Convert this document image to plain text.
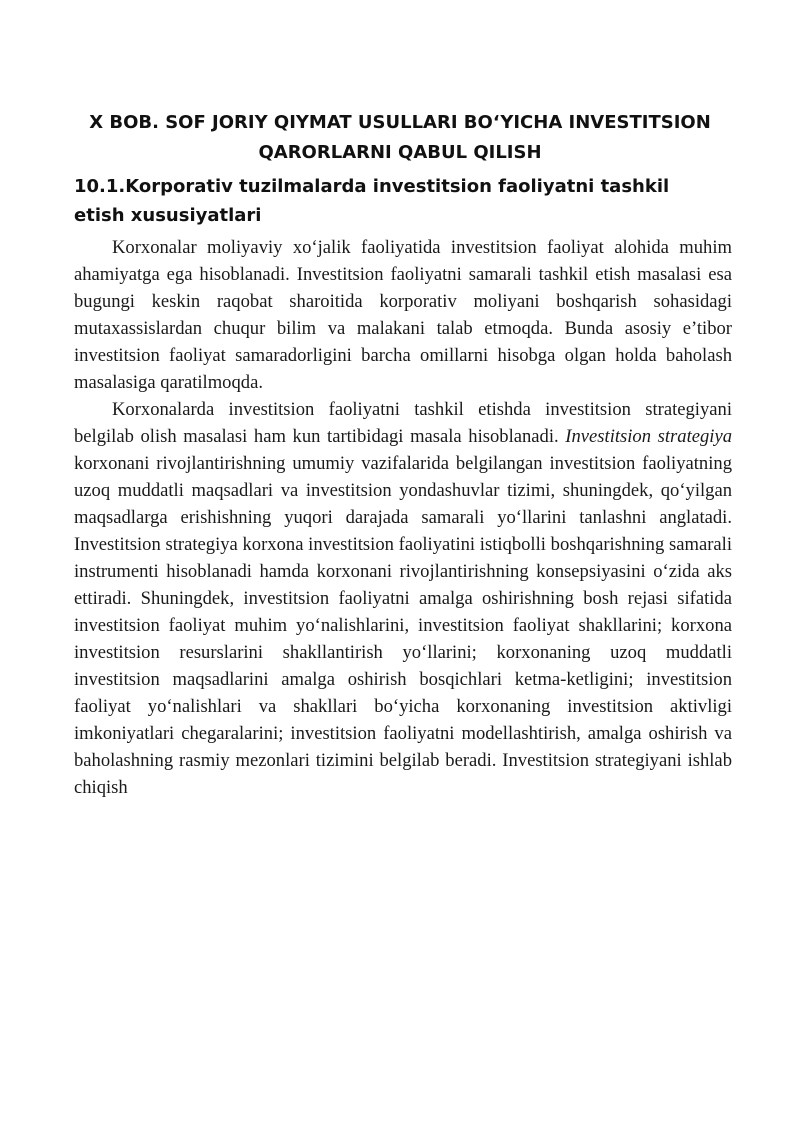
X BOB. SOF JORIY QIYMAT USULLARI BOʻYICHA INVESTITSION
QARORLARNI QABUL QILISH
10.1.Korporativ tuzilmalarda investitsion faoliyatni tashkil
etish xususiyatlari

Korxonalar moliyaviy xo‘jalik faoliyatida investitsion faoliyat alohida muhim ahamiyatga ega hisoblanadi. Investitsion faoliyatni samarali tashkil etish masalasi esa bugungi keskin raqobat sharoitida korporativ moliyani boshqarish sohasidagi mutaxassislardan chuqur bilim va malakani talab etmoqda. Bunda asosiy e’tibor investitsion faoliyat samaradorligini barcha omillarni hisobga olgan holda baholash masalasiga qaratilmoqda.

Korxonalarda investitsion faoliyatni tashkil etishda investitsion strategiyani belgilab olish masalasi ham kun tartibidagi masala hisoblanadi. Investitsion strategiya korxonani rivojlantirishning umumiy vazifalarida belgilangan investitsion faoliyatning uzoq muddatli maqsadlari va investitsion yondashuvlar tizimi, shuningdek, qo‘yilgan maqsadlarga erishishning yuqori darajada samarali yo‘llarini tanlashni anglatadi. Investitsion strategiya korxona investitsion faoliyatini istiqbolli boshqarishning samarali instrumenti hisoblanadi hamda korxonani rivojlantirishning konsepsiyasini o‘zida aks ettiradi. Shuningdek, investitsion faoliyatni amalga oshirishning bosh rejasi sifatida investitsion faoliyat muhim yo‘nalishlarini, investitsion faoliyat shakllarini; korxona investitsion resurslarini shakllantirish yo‘llarini; korxonaning uzoq muddatli investitsion maqsadlarini amalga oshirish bosqichlari ketma-ketligini; investitsion faoliyat yo‘nalishlari va shakllari bo‘yicha korxonaning investitsion aktivligi imkoniyatlari chegaralarini; investitsion faoliyatni modellashtirish, amalga oshirish va baholashning rasmiy mezonlari tizimini belgilab beradi. Investitsion strategiyani ishlab chiqish
